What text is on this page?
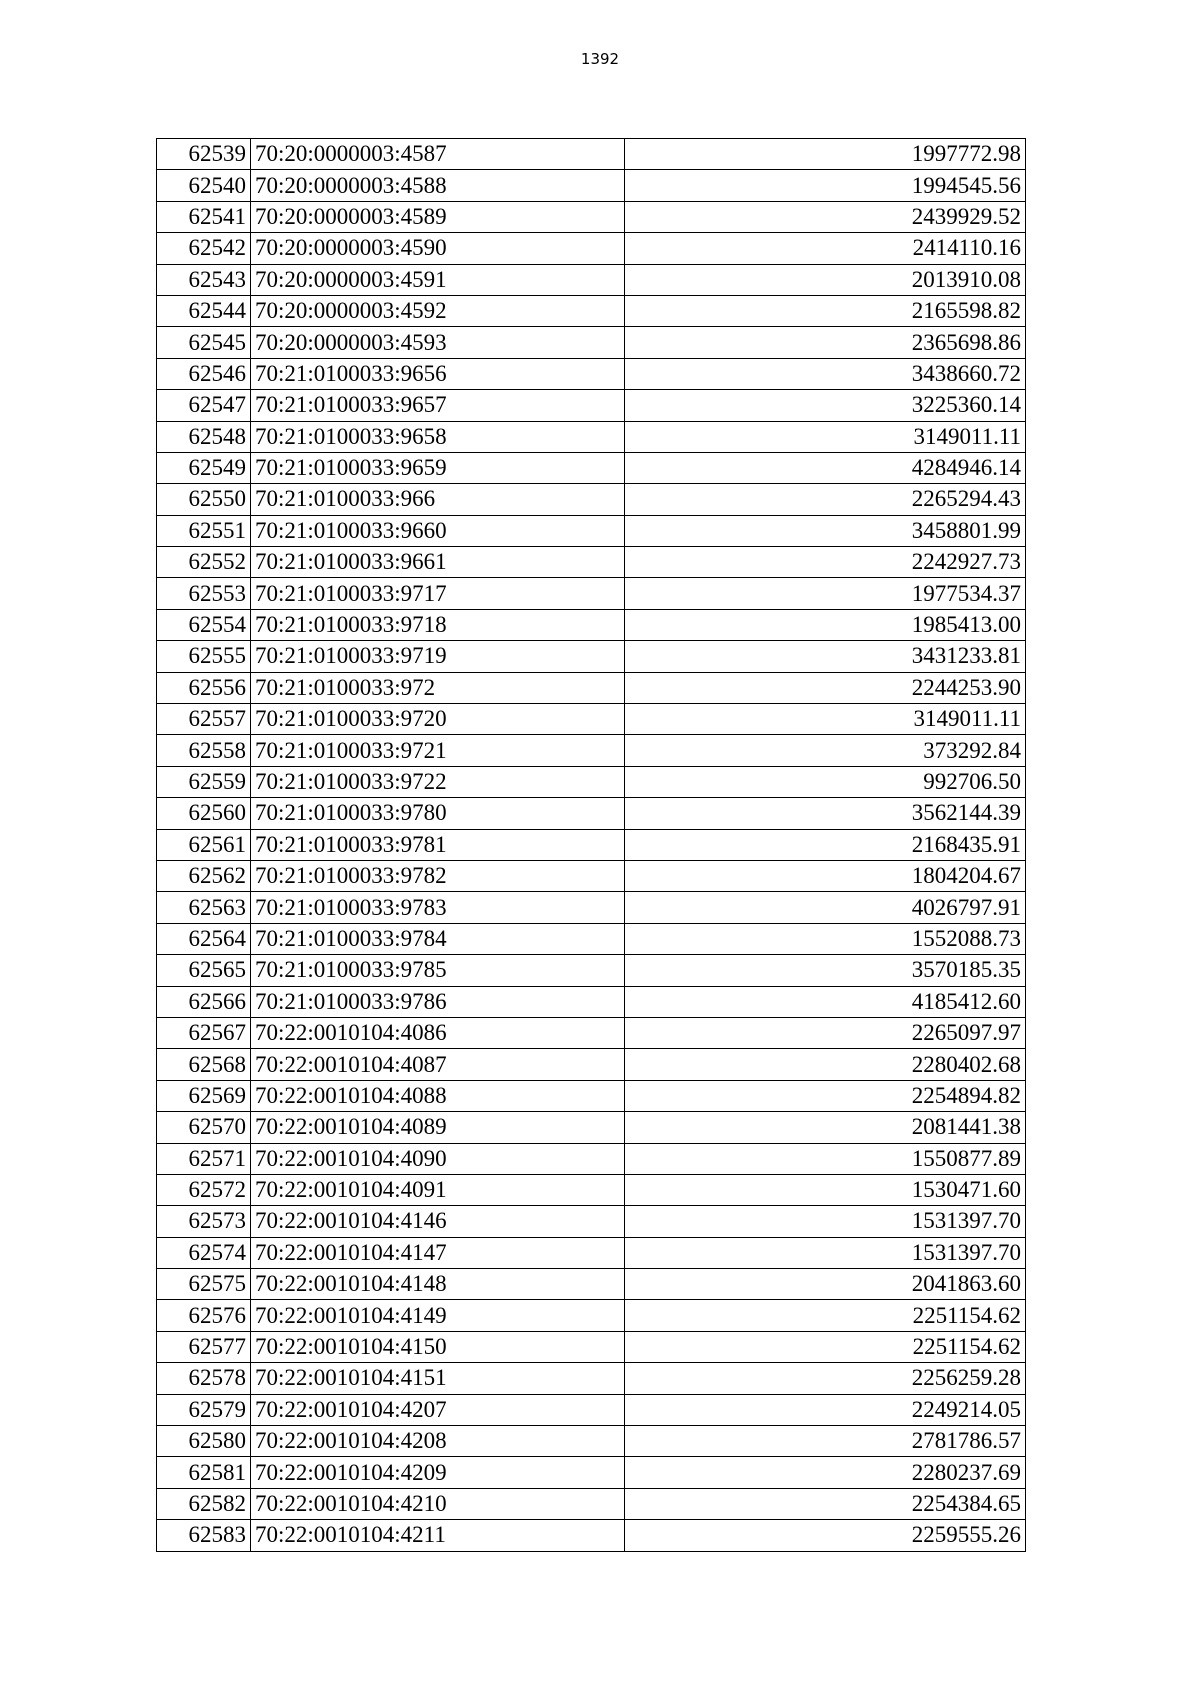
1392
62539	70:20:0000003:4587	1997772.98
62540	70:20:0000003:4588	1994545.56
62541	70:20:0000003:4589	2439929.52
62542	70:20:0000003:4590	2414110.16
62543	70:20:0000003:4591	2013910.08
62544	70:20:0000003:4592	2165598.82
62545	70:20:0000003:4593	2365698.86
62546	70:21:0100033:9656	3438660.72
62547	70:21:0100033:9657	3225360.14
62548	70:21:0100033:9658	3149011.11
62549	70:21:0100033:9659	4284946.14
62550	70:21:0100033:966	2265294.43
62551	70:21:0100033:9660	3458801.99
62552	70:21:0100033:9661	2242927.73
62553	70:21:0100033:9717	1977534.37
62554	70:21:0100033:9718	1985413.00
62555	70:21:0100033:9719	3431233.81
62556	70:21:0100033:972	2244253.90
62557	70:21:0100033:9720	3149011.11
62558	70:21:0100033:9721	373292.84
62559	70:21:0100033:9722	992706.50
62560	70:21:0100033:9780	3562144.39
62561	70:21:0100033:9781	2168435.91
62562	70:21:0100033:9782	1804204.67
62563	70:21:0100033:9783	4026797.91
62564	70:21:0100033:9784	1552088.73
62565	70:21:0100033:9785	3570185.35
62566	70:21:0100033:9786	4185412.60
62567	70:22:0010104:4086	2265097.97
62568	70:22:0010104:4087	2280402.68
62569	70:22:0010104:4088	2254894.82
62570	70:22:0010104:4089	2081441.38
62571	70:22:0010104:4090	1550877.89
62572	70:22:0010104:4091	1530471.60
62573	70:22:0010104:4146	1531397.70
62574	70:22:0010104:4147	1531397.70
62575	70:22:0010104:4148	2041863.60
62576	70:22:0010104:4149	2251154.62
62577	70:22:0010104:4150	2251154.62
62578	70:22:0010104:4151	2256259.28
62579	70:22:0010104:4207	2249214.05
62580	70:22:0010104:4208	2781786.57
62581	70:22:0010104:4209	2280237.69
62582	70:22:0010104:4210	2254384.65
62583	70:22:0010104:4211	2259555.26
